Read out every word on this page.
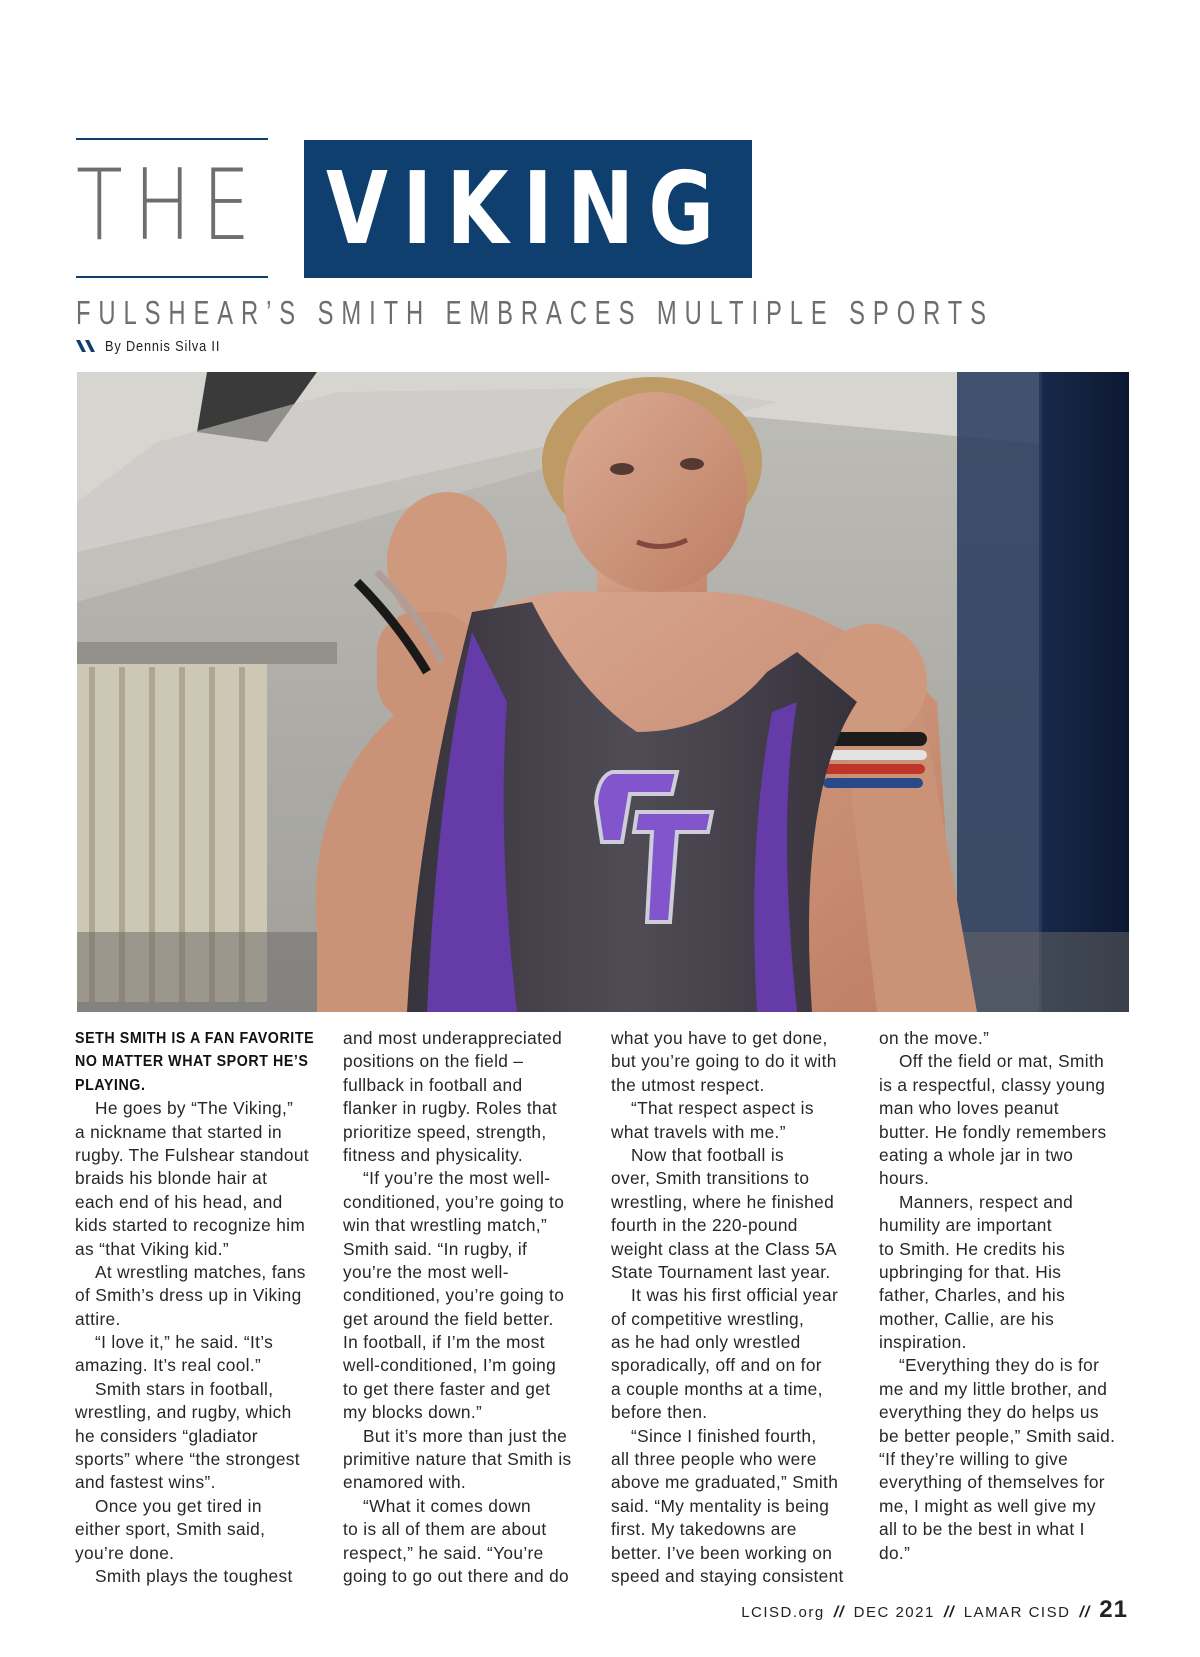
THE VIKING
FULSHEAR’S SMITH EMBRACES MULTIPLE SPORTS
By Dennis Silva II

SETH SMITH IS A FAN FAVORITE

NO MATTER WHAT SPORT HE’S

PLAYING.

He goes by “The Viking,”

a nickname that started in

rugby. The Fulshear standout

braids his blonde hair at

each end of his head, and

kids started to recognize him

as “that Viking kid.”

At wrestling matches, fans

of Smith’s dress up in Viking

attire.

“I love it,” he said. “It’s

amazing. It’s real cool.”

Smith stars in football,

wrestling, and rugby, which

he considers “gladiator

sports” where “the strongest

and fastest wins”.

Once you get tired in

either sport, Smith said,

you’re done.

Smith plays the toughest

and most underappreciated

positions on the field –

fullback in football and

flanker in rugby. Roles that

prioritize speed, strength,

fitness and physicality.

“If you’re the most well-

conditioned, you’re going to

win that wrestling match,”

Smith said. “In rugby, if

you’re the most well-

conditioned, you’re going to

get around the field better.

In football, if I’m the most

well-conditioned, I’m going

to get there faster and get

my blocks down.”

But it’s more than just the

primitive nature that Smith is

enamored with.

“What it comes down

to is all of them are about

respect,” he said. “You’re

going to go out there and do

what you have to get done,

but you’re going to do it with

the utmost respect.

“That respect aspect is

what travels with me.”

Now that football is

over, Smith transitions to

wrestling, where he finished

fourth in the 220-pound

weight class at the Class 5A

State Tournament last year.

It was his first official year

of competitive wrestling,

as he had only wrestled

sporadically, off and on for

a couple months at a time,

before then.

“Since I finished fourth,

all three people who were

above me graduated,” Smith

said. “My mentality is being

first. My takedowns are

better. I’ve been working on

speed and staying consistent

on the move.”

Off the field or mat, Smith

is a respectful, classy young

man who loves peanut

butter. He fondly remembers

eating a whole jar in two

hours.

Manners, respect and

humility are important

to Smith. He credits his

upbringing for that. His

father, Charles, and his

mother, Callie, are his

inspiration.

“Everything they do is for

me and my little brother, and

everything they do helps us

be better people,” Smith said.

“If they’re willing to give

everything of themselves for

me, I might as well give my

all to be the best in what I

do.”

LCISD.org // DEC 2021 // LAMAR CISD // 21
